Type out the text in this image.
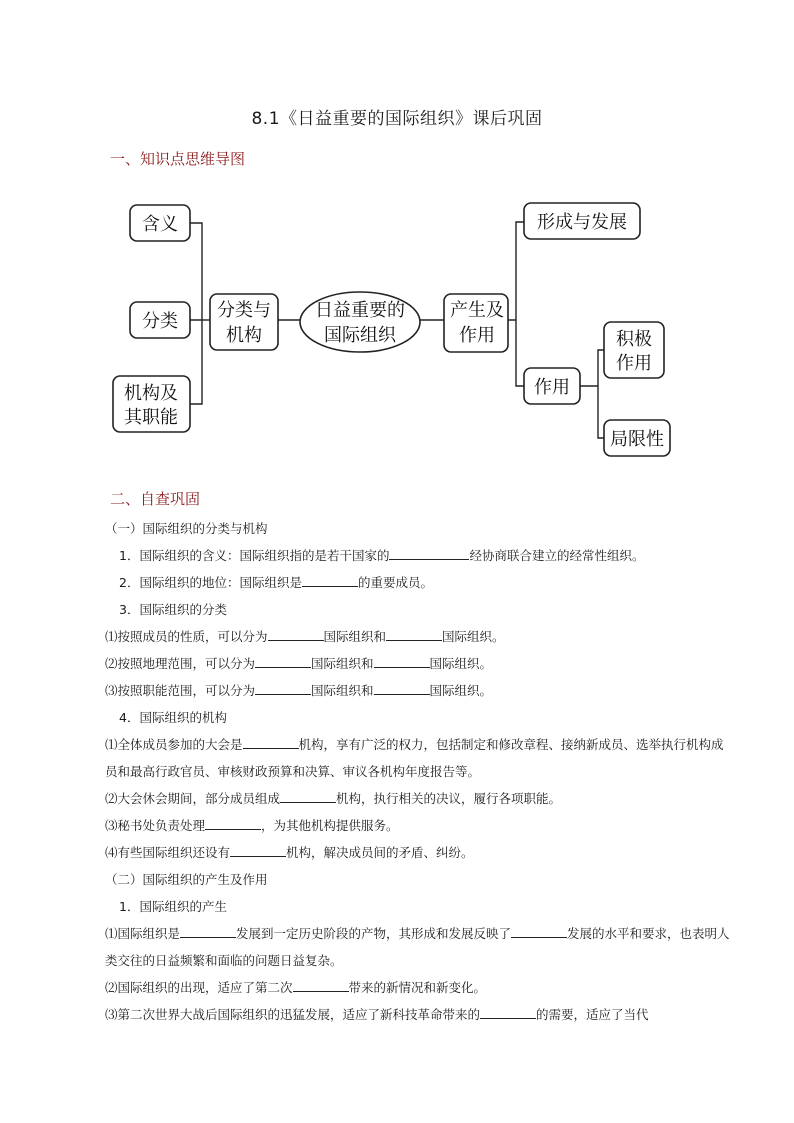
8.1《日益重要的国际组织》课后巩固
一、知识点思维导图
含义
分类
机构及
其职能
分类与
机构
日益重要的
国际组织
产生及
作用
形成与发展
作用
积极
作用
局限性
二、自查巩固

（一）国际组织的分类与机构

1．国际组织的含义：国际组织指的是若干国家的	经协商联合建立的经常性组织。

2．国际组织的地位：国际组织是	的重要成员。

3．国际组织的分类

⑴按照成员的性质，可以分为	国际组织和	国际组织。

⑵按照地理范围，可以分为	国际组织和	国际组织。

⑶按照职能范围，可以分为	国际组织和	国际组织。

4．国际组织的机构

⑴全体成员参加的大会是	机构，享有广泛的权力，包括制定和修改章程、接纳新成员、选举执行机构成员和最高行政官员、审核财政预算和决算、审议各机构年度报告等。

⑵大会休会期间，部分成员组成	机构，执行相关的决议，履行各项职能。

⑶秘书处负责处理	，为其他机构提供服务。

⑷有些国际组织还设有	机构，解决成员间的矛盾、纠纷。

（二）国际组织的产生及作用

1．国际组织的产生

⑴国际组织是	发展到一定历史阶段的产物，其形成和发展反映了	发展的水平和要求，也表明人类交往的日益频繁和面临的问题日益复杂。

⑵国际组织的出现，适应了第二次	带来的新情况和新变化。

⑶第二次世界大战后国际组织的迅猛发展，适应了新科技革命带来的	的需要，适应了当代
